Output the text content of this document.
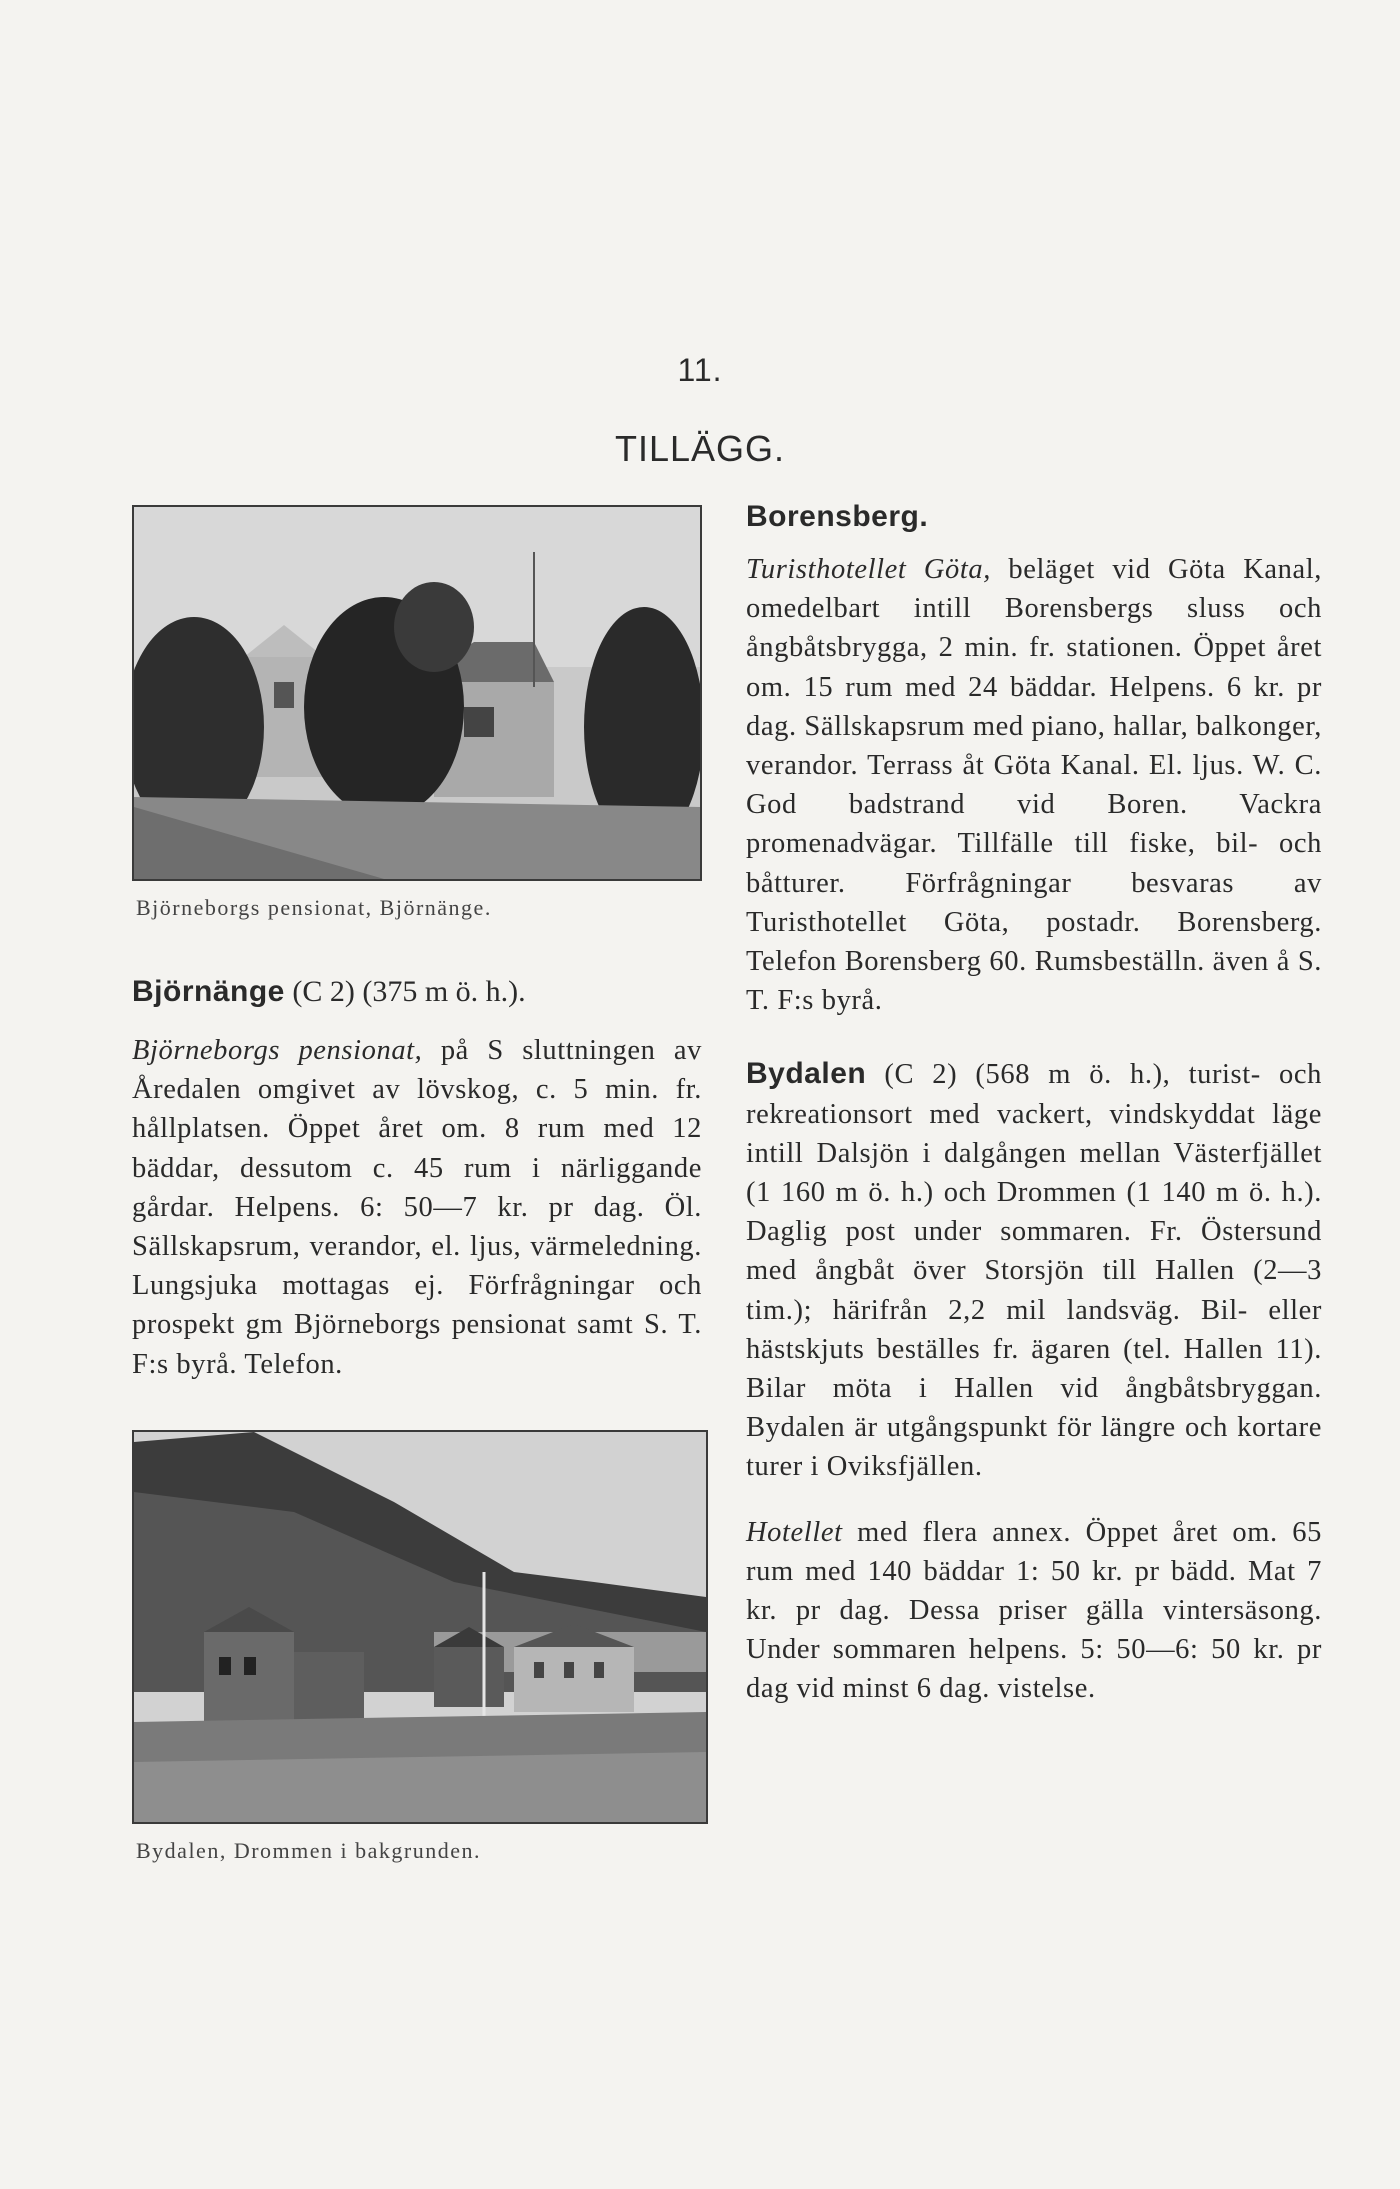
11.
TILLÄGG.
Björneborgs pensionat, Björnänge.
Björnänge (C 2) (375 m ö. h.).

Björneborgs pensionat, på S sluttningen av Åredalen omgivet av lövskog, c. 5 min. fr. hållplatsen. Öppet året om. 8 rum med 12 bäddar, dessutom c. 45 rum i närliggande gårdar. Helpens. 6: 50—7 kr. pr dag. Öl. Sällskapsrum, verandor, el. ljus, värmeledning. Lungsjuka mottagas ej. Förfrågningar och prospekt gm Björneborgs pensionat samt S. T. F:s byrå. Telefon.

Bydalen, Drommen i bakgrunden.
Borensberg.

Turisthotellet Göta, beläget vid Göta Kanal, omedelbart intill Borensbergs sluss och ångbåtsbrygga, 2 min. fr. stationen. Öppet året om. 15 rum med 24 bäddar. Helpens. 6 kr. pr dag. Sällskapsrum med piano, hallar, balkonger, verandor. Terrass åt Göta Kanal. El. ljus. W. C. God badstrand vid Boren. Vackra promenadvägar. Tillfälle till fiske, bil- och båtturer. Förfrågningar besvaras av Turisthotellet Göta, postadr. Borensberg. Telefon Borensberg 60. Rumsbeställn. även å S. T. F:s byrå.

Bydalen (C 2) (568 m ö. h.), turist- och rekreationsort med vackert, vindskyddat läge intill Dalsjön i dalgången mellan Västerfjället (1 160 m ö. h.) och Drommen (1 140 m ö. h.). Daglig post under sommaren. Fr. Östersund med ångbåt över Storsjön till Hallen (2—3 tim.); härifrån 2,2 mil landsväg. Bil- eller hästskjuts beställes fr. ägaren (tel. Hallen 11). Bilar möta i Hallen vid ångbåtsbryggan. Bydalen är utgångspunkt för längre och kortare turer i Oviksfjällen.

Hotellet med flera annex. Öppet året om. 65 rum med 140 bäddar 1: 50 kr. pr bädd. Mat 7 kr. pr dag. Dessa priser gälla vintersäsong. Under sommaren helpens. 5: 50—6: 50 kr. pr dag vid minst 6 dag. vistelse.
